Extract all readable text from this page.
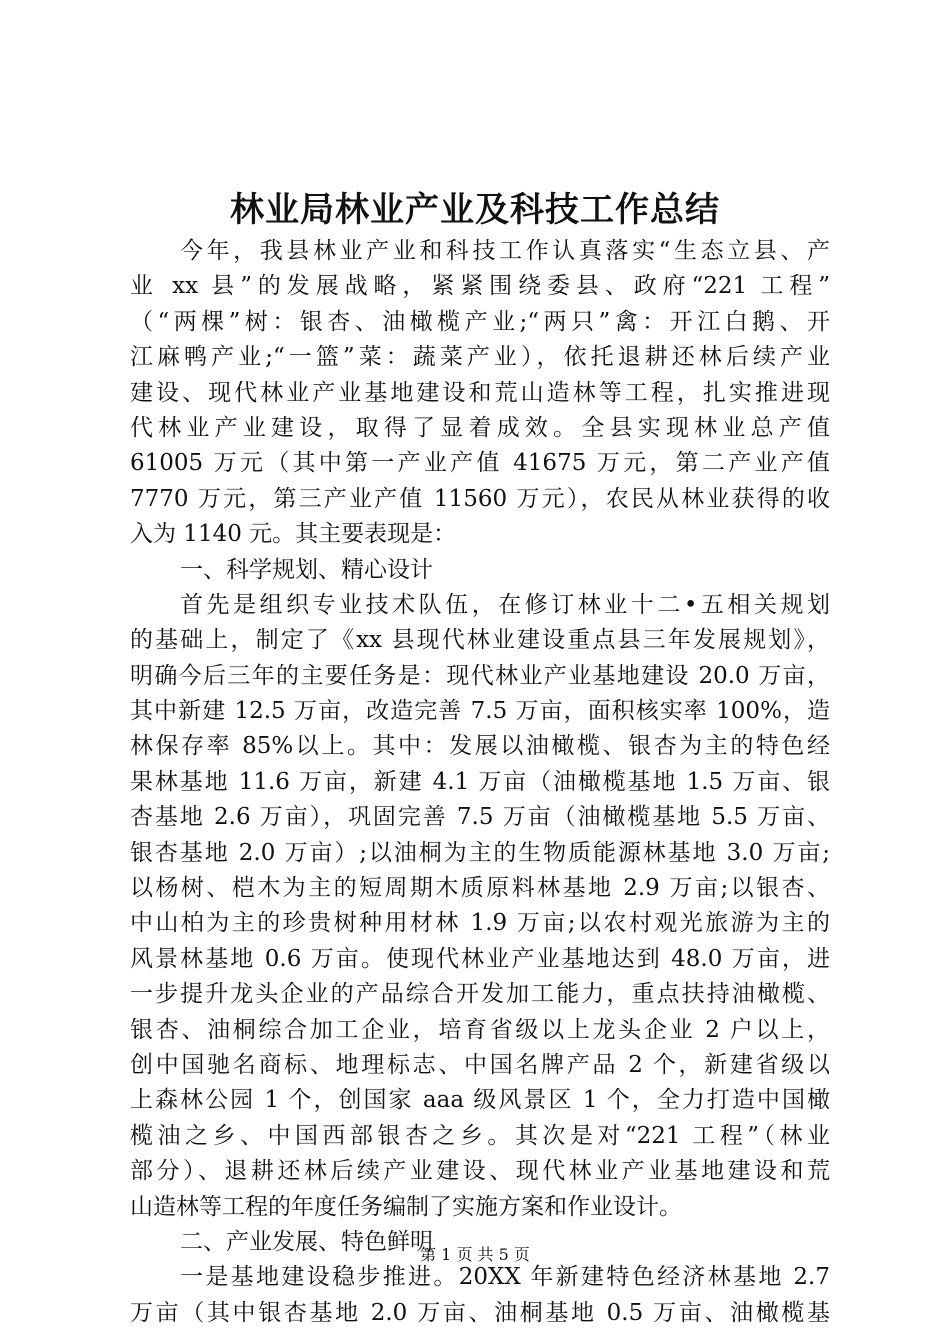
林业局林业产业及科技工作总结
今年，我县林业产业和科技工作认真落实“生态立县、产
业 xx 县”的发展战略，紧紧围绕委县、政府“221 工程”
（“两棵”树：银杏、油橄榄产业;“两只”禽：开江白鹅、开
江麻鸭产业;“一篮”菜：蔬菜产业），依托退耕还林后续产业
建设、现代林业产业基地建设和荒山造林等工程，扎实推进现
代林业产业建设，取得了显着成效。全县实现林业总产值
61005 万元（其中第一产业产值 41675 万元，第二产业产值
7770 万元，第三产业产值 11560 万元），农民从林业获得的收
入为 1140 元。其主要表现是：
一、科学规划、精心设计
首先是组织专业技术队伍，在修订林业十二•五相关规划
的基础上，制定了《xx 县现代林业建设重点县三年发展规划》，
明确今后三年的主要任务是：现代林业产业基地建设 20.0 万亩，
其中新建 12.5 万亩，改造完善 7.5 万亩，面积核实率 100%，造
林保存率 85%以上。其中：发展以油橄榄、银杏为主的特色经
果林基地 11.6 万亩，新建 4.1 万亩（油橄榄基地 1.5 万亩、银
杏基地 2.6 万亩），巩固完善 7.5 万亩（油橄榄基地 5.5 万亩、
银杏基地 2.0 万亩）;以油桐为主的生物质能源林基地 3.0 万亩;
以杨树、桤木为主的短周期木质原料林基地 2.9 万亩;以银杏、
中山柏为主的珍贵树种用材林 1.9 万亩;以农村观光旅游为主的
风景林基地 0.6 万亩。使现代林业产业基地达到 48.0 万亩，进
一步提升龙头企业的产品综合开发加工能力，重点扶持油橄榄、
银杏、油桐综合加工企业，培育省级以上龙头企业 2 户以上，
创中国驰名商标、地理标志、中国名牌产品 2 个，新建省级以
上森林公园 1 个，创国家 aaa 级风景区 1 个，全力打造中国橄
榄油之乡、中国西部银杏之乡。其次是对“221 工程”（林业
部分）、退耕还林后续产业建设、现代林业产业基地建设和荒
山造林等工程的年度任务编制了实施方案和作业设计。
二、产业发展、特色鲜明
一是基地建设稳步推进。20XX 年新建特色经济林基地 2.7
万亩（其中银杏基地 2.0 万亩、油桐基地 0.5 万亩、油橄榄基
第 1 页 共 5 页
